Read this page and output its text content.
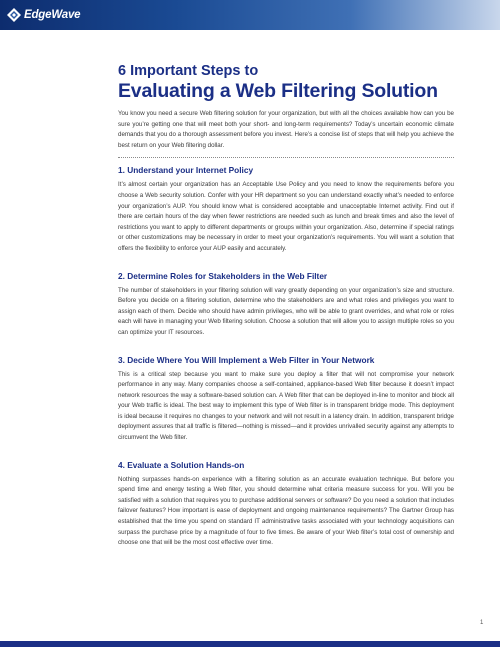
EdgeWave
6 Important Steps to
Evaluating a Web Filtering Solution

You know you need a secure Web filtering solution for your organization, but with all the choices available how can you be sure you’re getting one that will meet both your short- and long-term requirements? Today’s uncertain economic climate demands that you do a thorough assessment before you invest. Here’s a concise list of steps that will help you achieve the best return on your Web filtering dollar.

1. Understand your Internet Policy

It’s almost certain your organization has an Acceptable Use Policy and you need to know the requirements before you choose a Web security solution. Confer with your HR department so you can understand exactly what’s needed to enforce your organization’s AUP. You should know what is considered acceptable and unacceptable Internet activity. Find out if there are certain hours of the day when fewer restrictions are needed such as lunch and break times and also the level of restrictions you want to apply to different departments or groups within your organization. Also, determine if special ratings or other customizations may be necessary in order to meet your organization’s requirements. You will want a solution that offers the flexibility to enforce your AUP easily and accurately.

2. Determine Roles for Stakeholders in the Web Filter

The number of stakeholders in your filtering solution will vary greatly depending on your organization’s size and structure. Before you decide on a filtering solution, determine who the stakeholders are and what roles and privileges you want to assign each of them. Decide who should have admin privileges, who will be able to grant overrides, and what role or roles each will have in managing your Web filtering solution. Choose a solution that will allow you to assign multiple roles so you can optimize your IT resources.

3. Decide Where You Will Implement a Web Filter in Your Network

This is a critical step because you want to make sure you deploy a filter that will not compromise your network performance in any way. Many companies choose a self-contained, appliance-based Web filter because it doesn’t impact network resources the way a software-based solution can. A Web filter that can be deployed in-line to monitor and block all your Web traffic is ideal. The best way to implement this type of Web filter is in transparent bridge mode. This deployment is ideal because it requires no changes to your network and will not result in a latency drain. In addition, transparent bridge deployment assures that all traffic is filtered—nothing is missed—and it provides unrivalled security against any attempts to circumvent the Web filter.

4. Evaluate a Solution Hands-on

Nothing surpasses hands-on experience with a filtering solution as an accurate evaluation technique. But before you spend time and energy testing a Web filter, you should determine what criteria measure success for you. Will you be satisfied with a solution that requires you to purchase additional servers or software? Do you need a solution that includes failover features? How important is ease of deployment and ongoing maintenance requirements? The Gartner Group has established that the time you spend on standard IT administrative tasks associated with your technology acquisitions can surpass the purchase price by a magnitude of four to five times. Be aware of your Web filter’s total cost of ownership and choose one that will be the most cost effective over time.

1
